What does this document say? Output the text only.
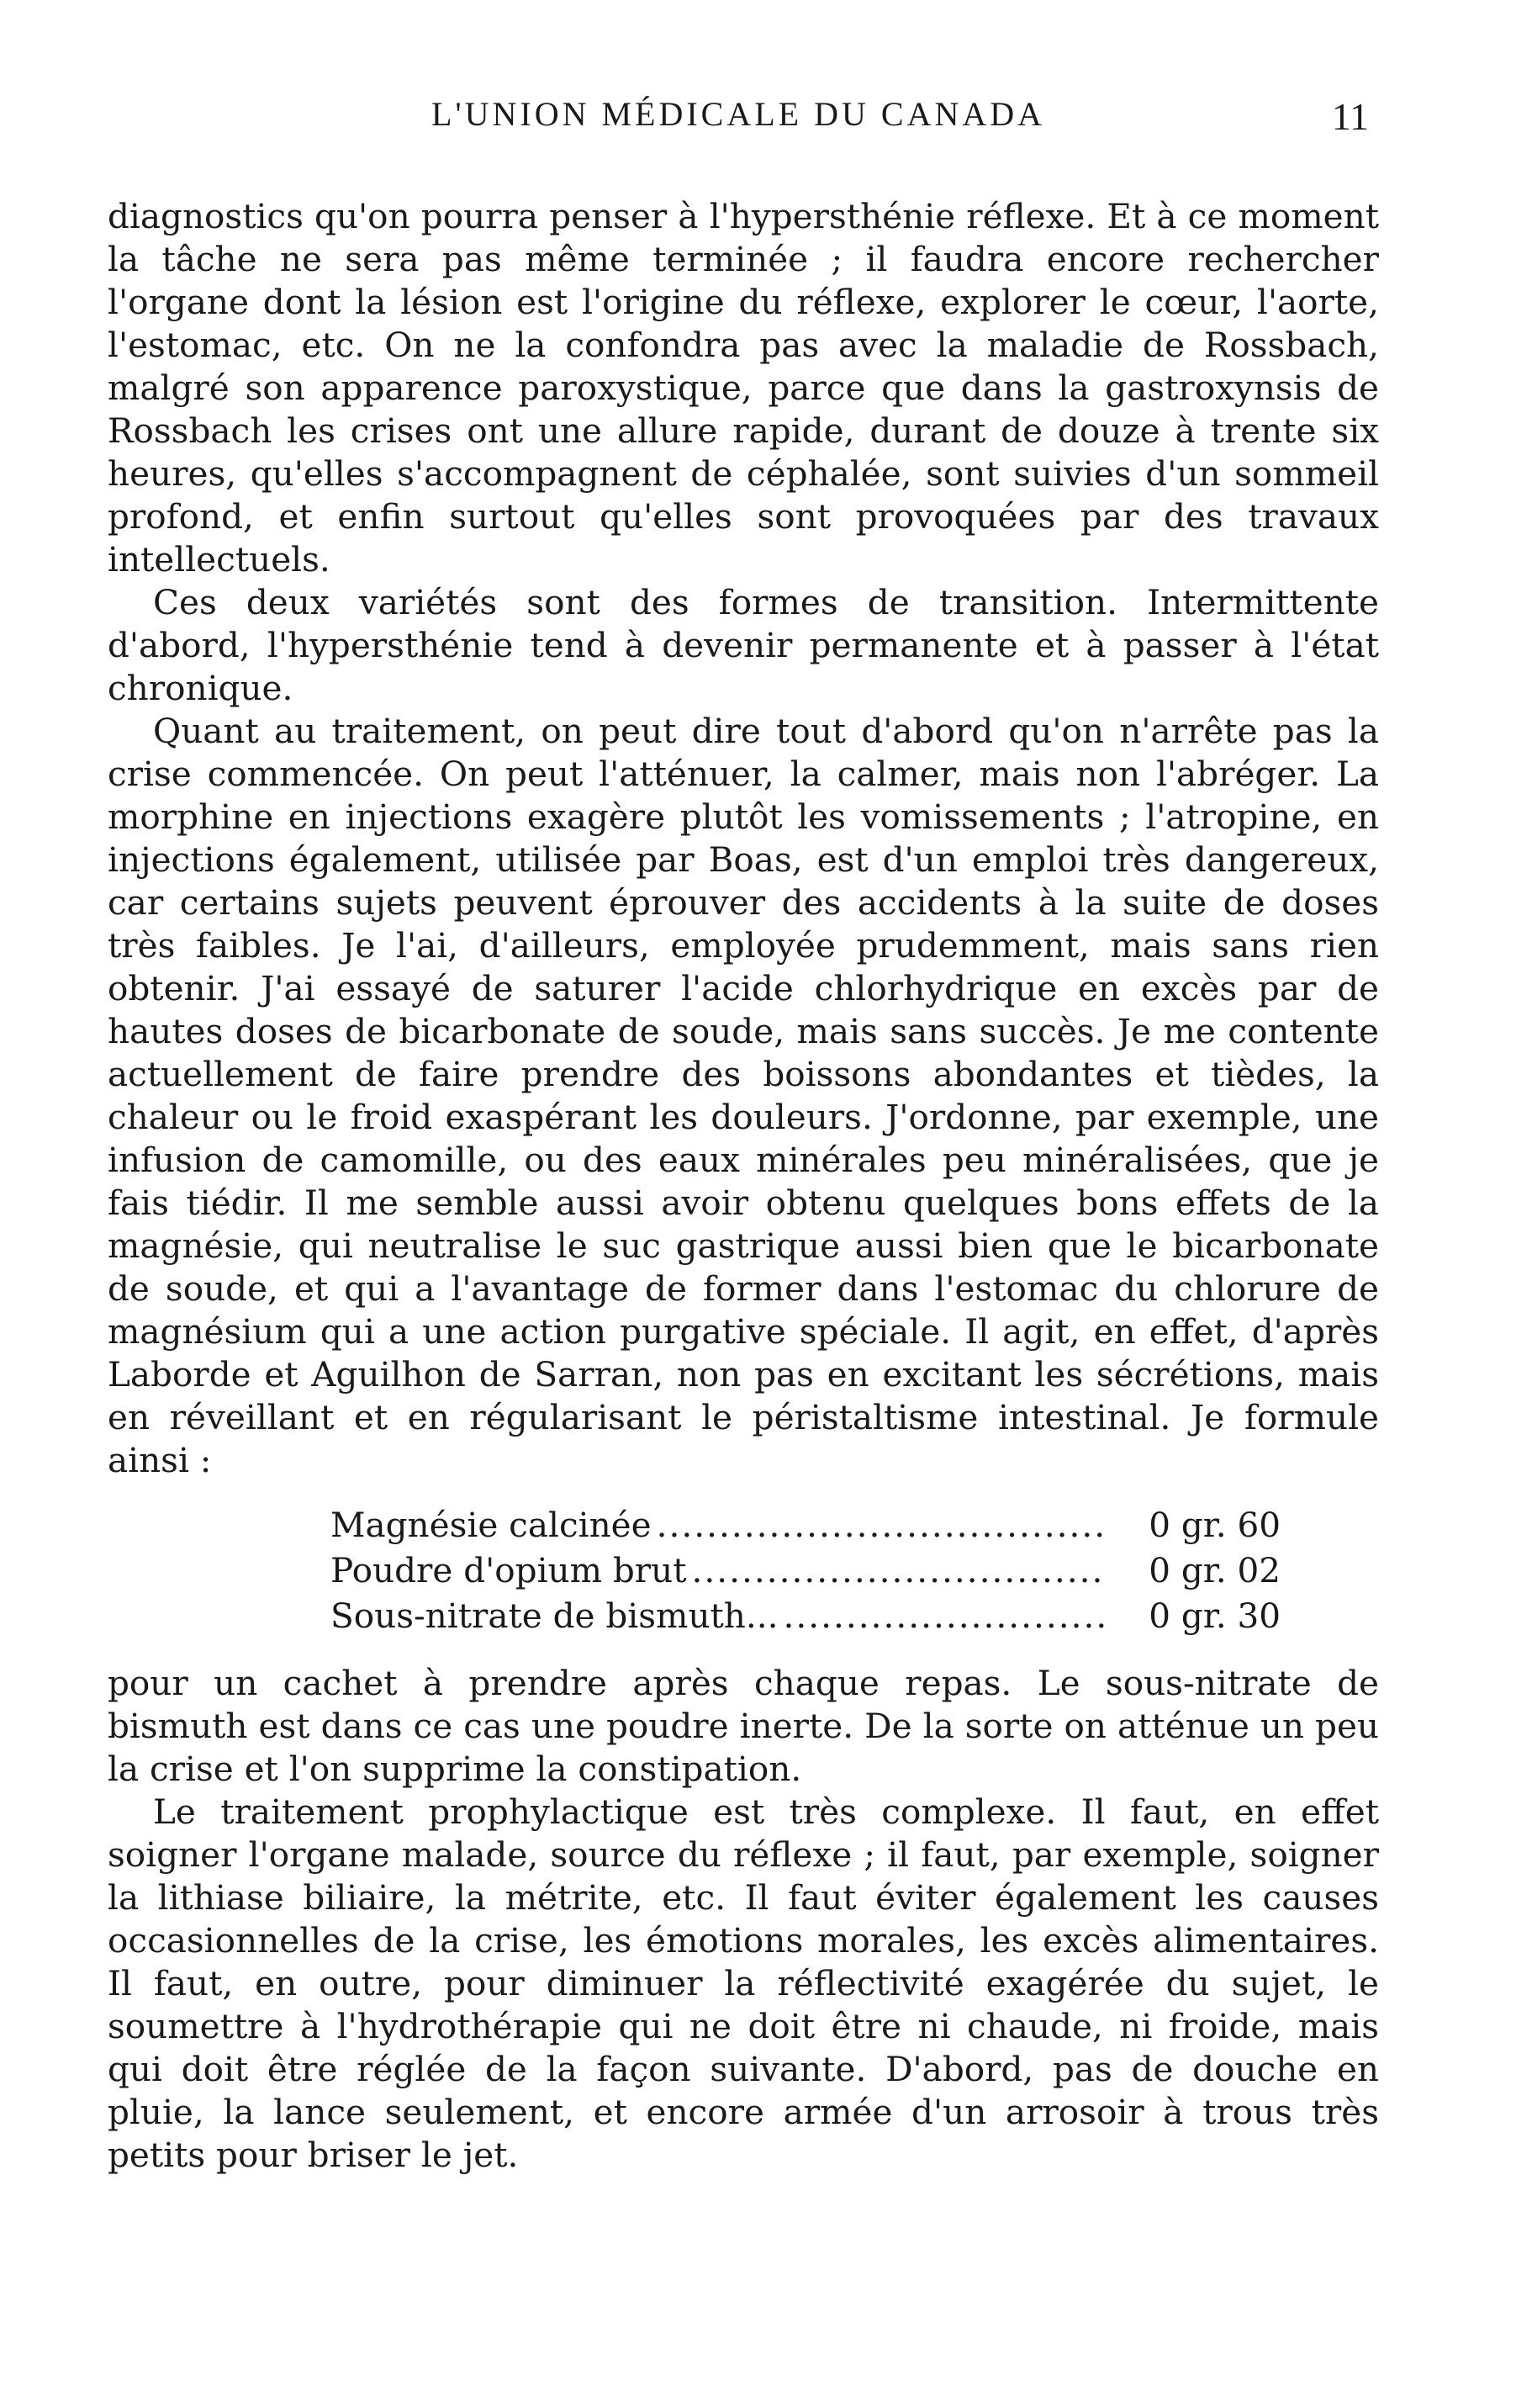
L'UNION MÉDICALE DU CANADA	11

diagnostics qu'on pourra penser à l'hypersthénie réflexe. Et à ce moment la tâche ne sera pas même terminée ; il faudra encore rechercher l'organe dont la lésion est l'origine du réflexe, explorer le cœur, l'aorte, l'estomac, etc. On ne la confondra pas avec la maladie de Rossbach, malgré son apparence paroxystique, parce que dans la gastroxynsis de Rossbach les crises ont une allure rapide, durant de douze à trente six heures, qu'elles s'accompagnent de céphalée, sont suivies d'un sommeil profond, et enfin surtout qu'elles sont provoquées par des travaux intellectuels.

Ces deux variétés sont des formes de transition. Intermittente d'abord, l'hypersthénie tend à devenir permanente et à passer à l'état chronique.

Quant au traitement, on peut dire tout d'abord qu'on n'arrête pas la crise commencée. On peut l'atténuer, la calmer, mais non l'abréger. La morphine en injections exagère plutôt les vomissements ; l'atropine, en injections également, utilisée par Boas, est d'un emploi très dangereux, car certains sujets peuvent éprouver des accidents à la suite de doses très faibles. Je l'ai, d'ailleurs, employée prudemment, mais sans rien obtenir. J'ai essayé de saturer l'acide chlorhydrique en excès par de hautes doses de bicarbonate de soude, mais sans succès. Je me contente actuellement de faire prendre des boissons abondantes et tièdes, la chaleur ou le froid exaspérant les douleurs. J'ordonne, par exemple, une infusion de camomille, ou des eaux minérales peu minéralisées, que je fais tiédir. Il me semble aussi avoir obtenu quelques bons effets de la magnésie, qui neutralise le suc gastrique aussi bien que le bicarbonate de soude, et qui a l'avantage de former dans l'estomac du chlorure de magnésium qui a une action purgative spéciale. Il agit, en effet, d'après Laborde et Aguilhon de Sarran, non pas en excitant les sécrétions, mais en réveillant et en régularisant le péristaltisme intestinal. Je formule ainsi :

Magnésie calcinée .....	0 gr. 60
Poudre d'opium brut .....	0 gr. 02
Sous-nitrate de bismuth... .....	0 gr. 30

pour un cachet à prendre après chaque repas. Le sous-nitrate de bismuth est dans ce cas une poudre inerte. De la sorte on atténue un peu la crise et l'on supprime la constipation.

Le traitement prophylactique est très complexe. Il faut, en effet soigner l'organe malade, source du réflexe ; il faut, par exemple, soigner la lithiase biliaire, la métrite, etc. Il faut éviter également les causes occasionnelles de la crise, les émotions morales, les excès alimentaires. Il faut, en outre, pour diminuer la réflectivité exagérée du sujet, le soumettre à l'hydrothérapie qui ne doit être ni chaude, ni froide, mais qui doit être réglée de la façon suivante. D'abord, pas de douche en pluie, la lance seulement, et encore armée d'un arrosoir à trous très petits pour briser le jet.
